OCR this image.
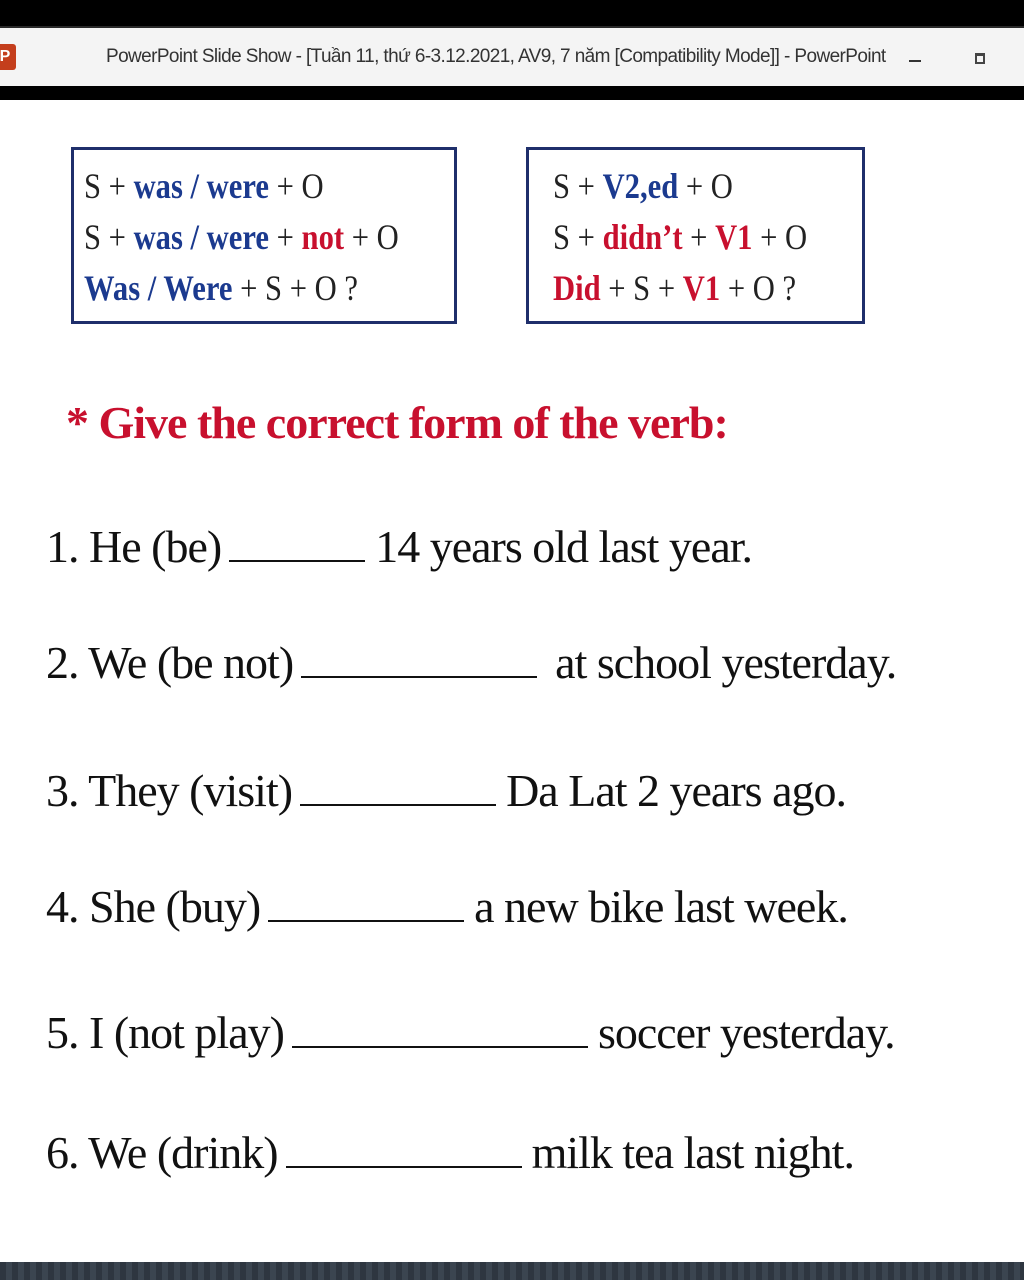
P	PowerPoint Slide Show - [Tuần 11, thứ 6-3.12.2021, AV9, 7 năm [Compatibility Mode]] - PowerPoint
S + was / were + O
S + was / were + not + O
Was / Were + S + O ?
S + V2,ed + O
S + didn’t + V1 + O
Did + S + V1 + O ?
* Give the correct form of the verb:
1. He (be)	14 years old last year.
2. We (be not)	at school yesterday.
3. They (visit)	Da Lat 2 years ago.
4. She (buy)	a new bike last week.
5. I (not play)	soccer yesterday.
6. We (drink)	milk tea last night.
